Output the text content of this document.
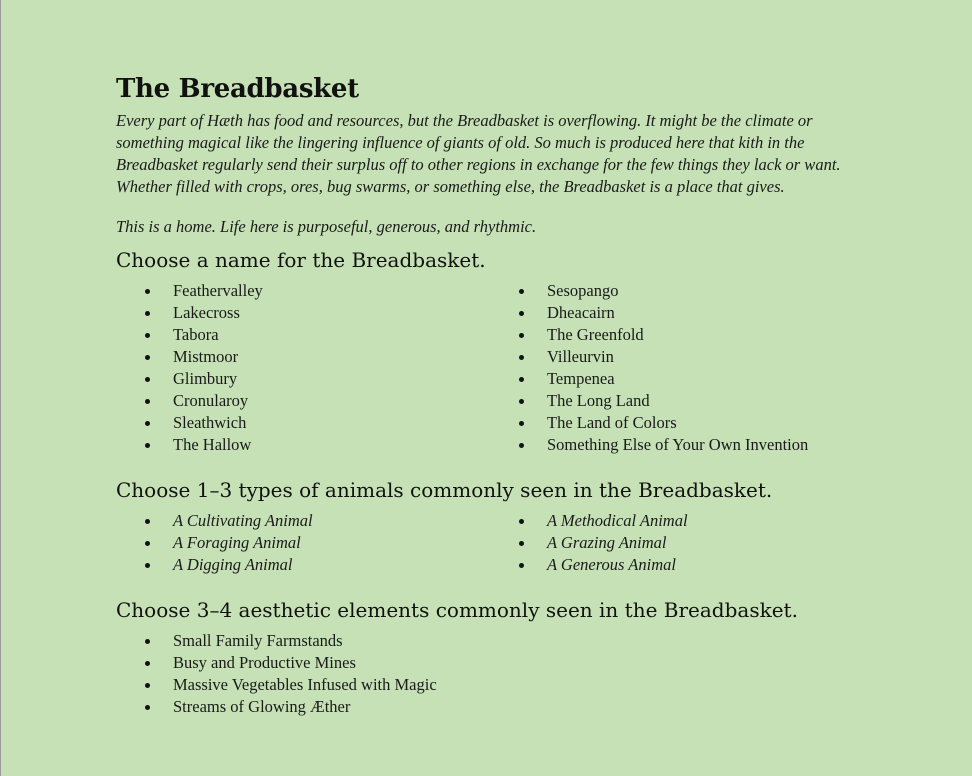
The Breadbasket

Every part of Hæth has food and resources, but the Breadbasket is overflowing. It might be the climate or something magical like the lingering influence of giants of old. So much is produced here that kith in the Breadbasket regularly send their surplus off to other regions in exchange for the few things they lack or want. Whether filled with crops, ores, bug swarms, or something else, the Breadbasket is a place that gives.

This is a home. Life here is purposeful, generous, and rhythmic.

Choose a name for the Breadbasket.
Feathervalley
Lakecross
Tabora
Mistmoor
Glimbury
Cronularoy
Sleathwich
The Hallow
Sesopango
Dheacairn
The Greenfold
Villeurvin
Tempenea
The Long Land
The Land of Colors
Something Else of Your Own Invention
Choose 1–3 types of animals commonly seen in the Breadbasket.
A Cultivating Animal
A Foraging Animal
A Digging Animal
A Methodical Animal
A Grazing Animal
A Generous Animal
Choose 3–4 aesthetic elements commonly seen in the Breadbasket.
Small Family Farmstands
Busy and Productive Mines
Massive Vegetables Infused with Magic
Streams of Glowing Æther
